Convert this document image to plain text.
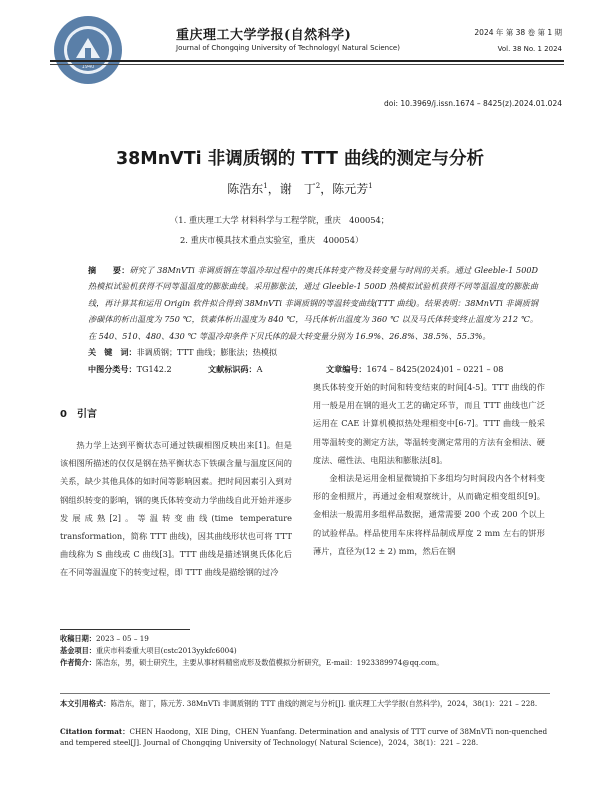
1940
重庆理工大学学报(自然科学)
Journal of Chongqing University of Technology( Natural Science)
2024 年 第 38 卷 第 1 期
Vol. 38 No. 1 2024
doi: 10.3969/j.issn.1674 – 8425(z).2024.01.024
38MnVTi 非调质钢的 TTT 曲线的测定与分析
陈浩东$^1$，谢　丁$^2$，陈元芳$^1$
（1. 重庆理工大学 材料科学与工程学院，重庆　400054；
2. 重庆市模具技术重点实验室，重庆　400054）
摘　　要：研究了 38MnVTi 非调质钢在等温冷却过程中的奥氏体转变产物及转变量与时间的关系。通过 Gleeble-1 500D 热模拟试验机获得不同等温温度的膨胀曲线。采用膨胀法，通过 Gleeble-1 500D 热模拟试验机获得不同等温温度的膨胀曲线，再计算其和运用 Origin 软件拟合得到 38MnVTi 非调质钢的等温转变曲线(TTT 曲线)。结果表明：38MnVTi 非调质钢渗碳体的析出温度为 750 ℃，铁素体析出温度为 840 ℃，马氏体析出温度为 360 ℃ 以及马氏体转变终止温度为 212 ℃。在 540、510、480、430 ℃ 等温冷却条件下贝氏体的最大转变量分别为 16.9%、26.8%、38.5%、55.3%。
关　键　词：非调质钢；TTT 曲线；膨胀法；热模拟
中图分类号：TG142.2	文献标识码：A	文章编号：1674 – 8425(2024)01 – 0221 – 08
0　引言

热力学上达到平衡状态可通过铁碳相图反映出来[1]。但是该相图所描述的仅仅是钢在热平衡状态下铁碳含量与温度区间的关系，缺少其他具体的如时间等影响因素。把时间因素引入到对钢组织转变的影响，钢的奥氏体转变动力学曲线自此开始并逐步发展成熟[2]。等温转变曲线(time temperature transformation，简称 TTT 曲线)，因其曲线形状也可将 TTT 曲线称为 S 曲线或 C 曲线[3]。TTT 曲线是描述钢奥氏体化后在不同等温温度下的转变过程，即 TTT 曲线是描绘钢的过冷

奥氏体转变开始的时间和转变结束的时间[4-5]。TTT 曲线的作用一般是用在钢的退火工艺的确定环节，而且 TTT 曲线也广泛运用在 CAE 计算机模拟热处理相变中[6-7]。TTT 曲线一般采用等温转变的测定方法，等温转变测定常用的方法有金相法、硬度法、磁性法、电阻法和膨胀法[8]。

金相法是运用金相显微镜拍下多组均匀时间段内各个材料变形的金相照片，再通过金相观察统计，从而确定相变组织[9]。金相法一般需用多组样品数据，通常需要 200 个或 200 个以上的试验样品。样品使用车床将样品制成厚度 2 mm 左右的饼形薄片，直径为(12 ± 2) mm，然后在钢

收稿日期：2023 – 05 – 19
基金项目：重庆市科委重大项目(cstc2013yykfc6004)
作者简介：陈浩东，男，硕士研究生，主要从事材料精密成形及数值模拟分析研究，E-mail：1923389974@qq.com。
本文引用格式：陈浩东，谢丁，陈元芳. 38MnVTi 非调质钢的 TTT 曲线的测定与分析[J]. 重庆理工大学学报(自然科学)，2024，38(1)：221 – 228.
Citation format：CHEN Haodong，XIE Ding，CHEN Yuanfang. Determination and analysis of TTT curve of 38MnVTi non-quenched and tempered steel[J]. Journal of Chongqing University of Technology( Natural Science)，2024，38(1)：221 – 228.
